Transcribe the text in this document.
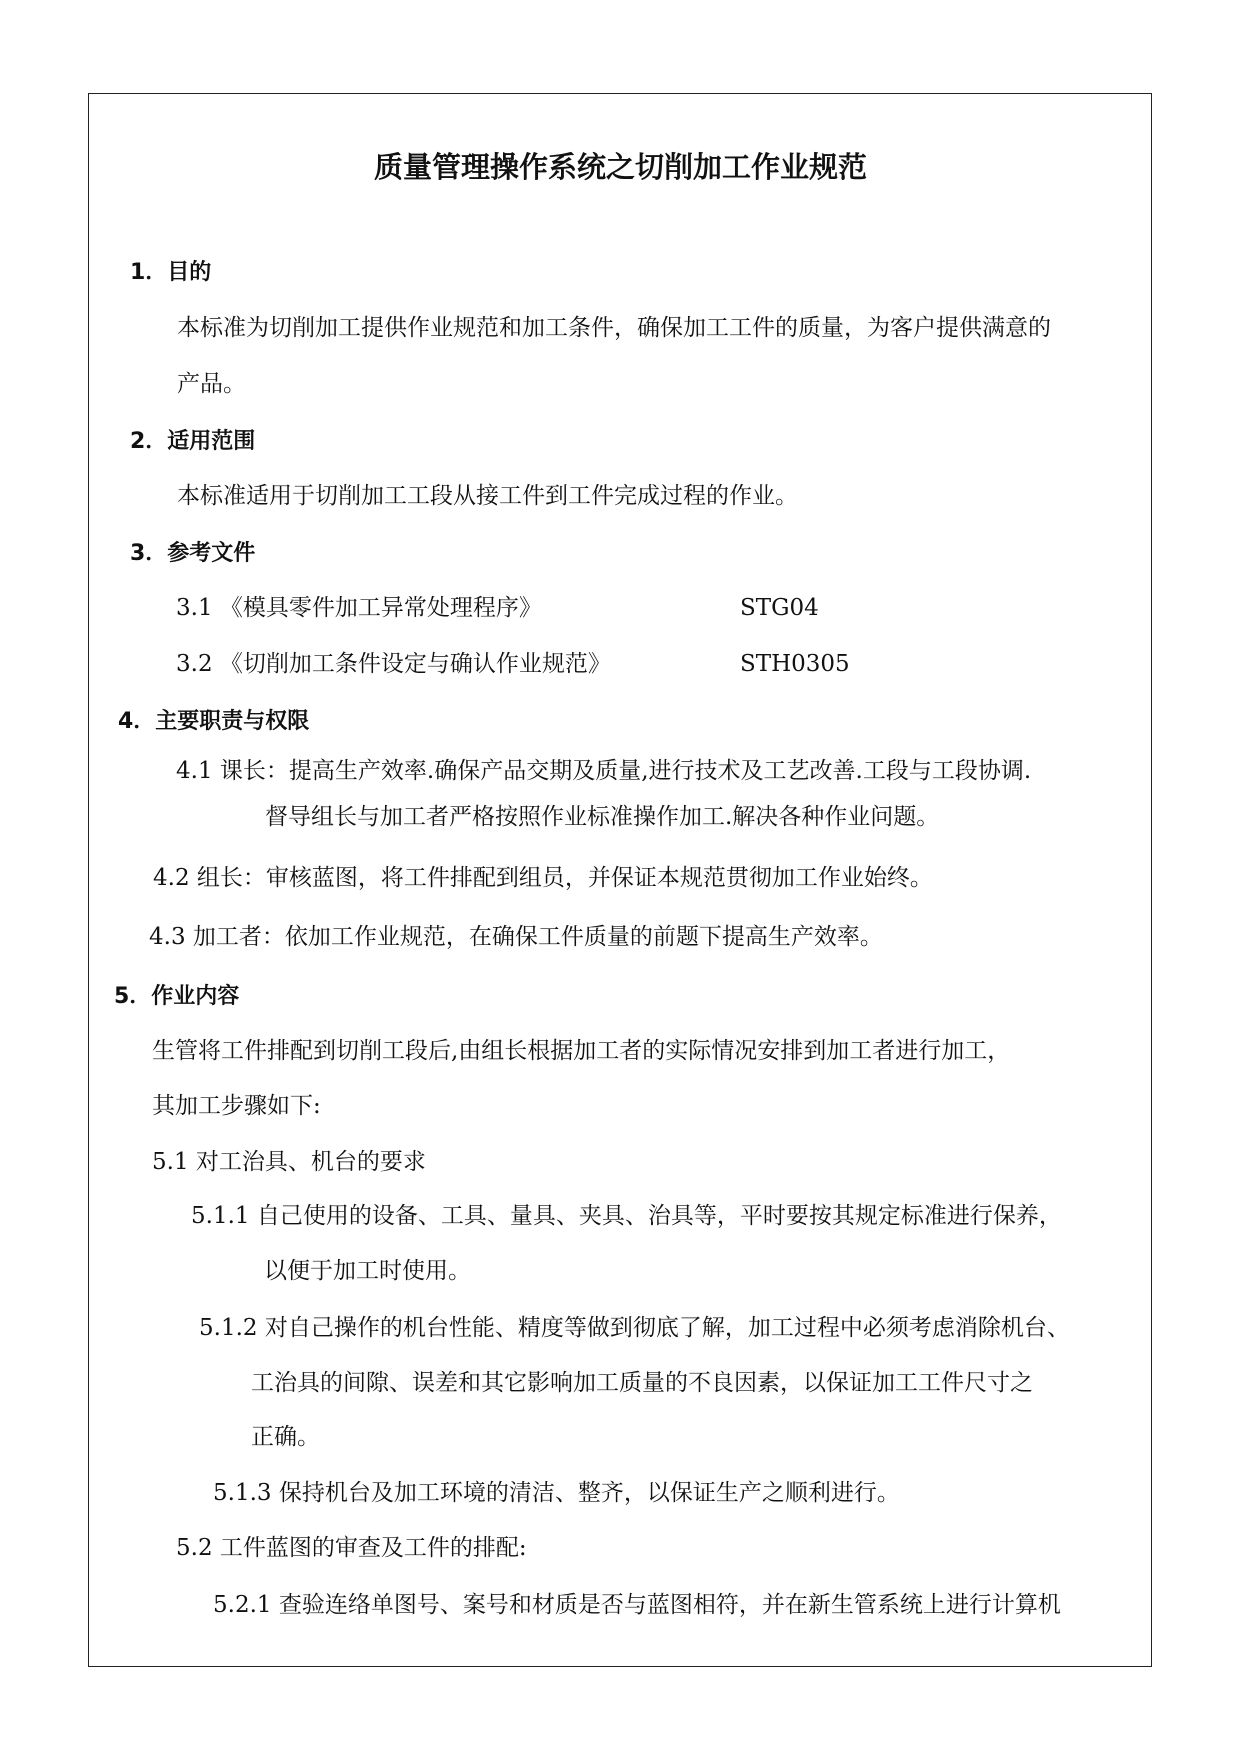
质量管理操作系统之切削加工作业规范
1．目的
本标准为切削加工提供作业规范和加工条件，确保加工工件的质量，为客户提供满意的
产品。
2．适用范围
本标准适用于切削加工工段从接工件到工件完成过程的作业。
3．参考文件
3.1 《模具零件加工异常处理程序》	STG04
3.2 《切削加工条件设定与确认作业规范》	STH0305
4．主要职责与权限
4.1 课长：提高生产效率.确保产品交期及质量,进行技术及工艺改善.工段与工段协调.
督导组长与加工者严格按照作业标准操作加工.解决各种作业问题。
4.2 组长：审核蓝图，将工件排配到组员，并保证本规范贯彻加工作业始终。
4.3 加工者：依加工作业规范，在确保工件质量的前题下提高生产效率。
5．作业内容
生管将工件排配到切削工段后,由组长根据加工者的实际情况安排到加工者进行加工，
其加工步骤如下:
5.1 对工治具、机台的要求
5.1.1 自己使用的设备、工具、量具、夹具、治具等，平时要按其规定标准进行保养，
以便于加工时使用。
5.1.2 对自己操作的机台性能、精度等做到彻底了解，加工过程中必须考虑消除机台、
工治具的间隙、误差和其它影响加工质量的不良因素，以保证加工工件尺寸之
正确。
5.1.3 保持机台及加工环境的清洁、整齐，以保证生产之顺利进行。
5.2 工件蓝图的审查及工件的排配:
5.2.1 查验连络单图号、案号和材质是否与蓝图相符，并在新生管系统上进行计算机
